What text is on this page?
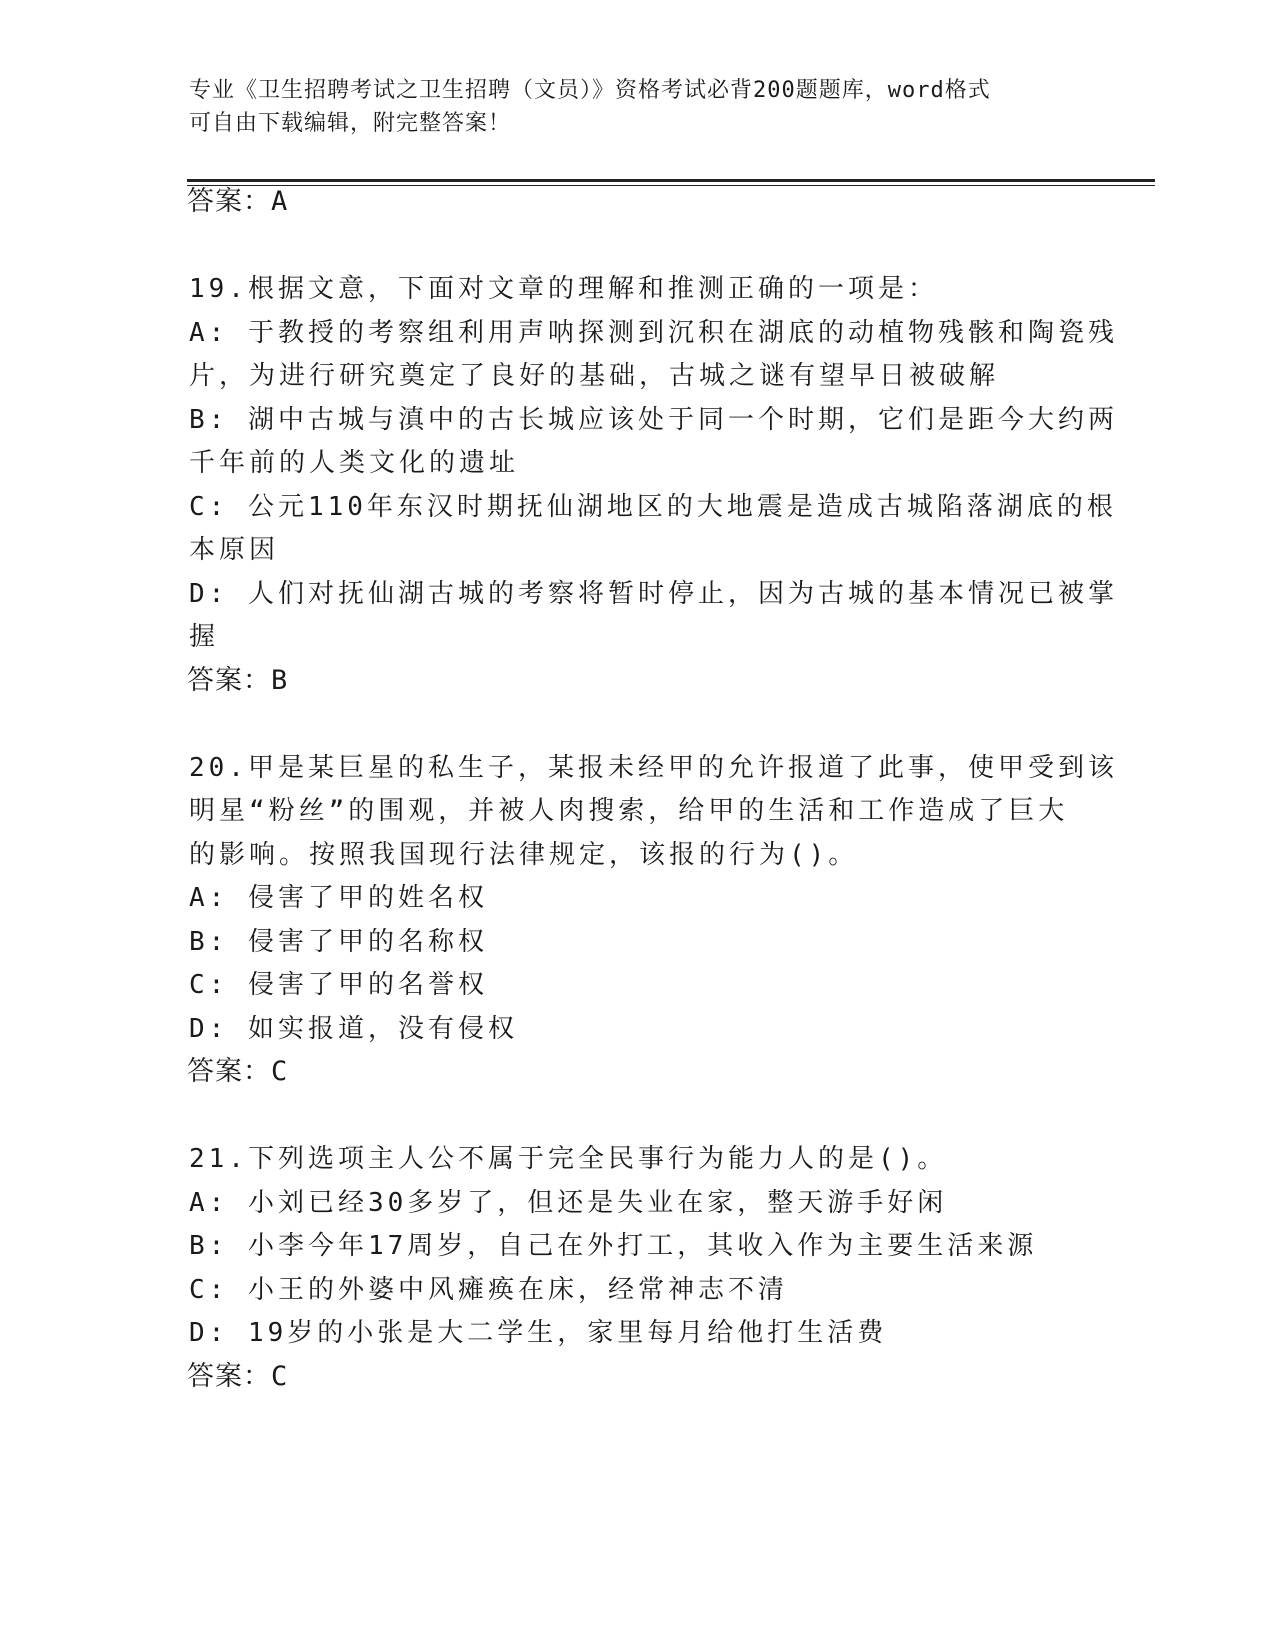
专业《卫生招聘考试之卫生招聘（文员）》资格考试必背200题题库，word格式
可自由下载编辑，附完整答案！
答案：A
19.根据文意，下面对文章的理解和推测正确的一项是：
A: 于教授的考察组利用声呐探测到沉积在湖底的动植物残骸和陶瓷残
片，为进行研究奠定了良好的基础，古城之谜有望早日被破解
B: 湖中古城与滇中的古长城应该处于同一个时期，它们是距今大约两
千年前的人类文化的遗址
C: 公元110年东汉时期抚仙湖地区的大地震是造成古城陷落湖底的根
本原因
D: 人们对抚仙湖古城的考察将暂时停止，因为古城的基本情况已被掌
握
答案：B
20.甲是某巨星的私生子，某报未经甲的允许报道了此事，使甲受到该
明星“粉丝”的围观，并被人肉搜索，给甲的生活和工作造成了巨大
的影响。按照我国现行法律规定，该报的行为()。
A: 侵害了甲的姓名权
B: 侵害了甲的名称权
C: 侵害了甲的名誉权
D: 如实报道，没有侵权
答案：C
21.下列选项主人公不属于完全民事行为能力人的是()。
A: 小刘已经30多岁了，但还是失业在家，整天游手好闲
B: 小李今年17周岁，自己在外打工，其收入作为主要生活来源
C: 小王的外婆中风瘫痪在床，经常神志不清
D: 19岁的小张是大二学生，家里每月给他打生活费
答案：C
